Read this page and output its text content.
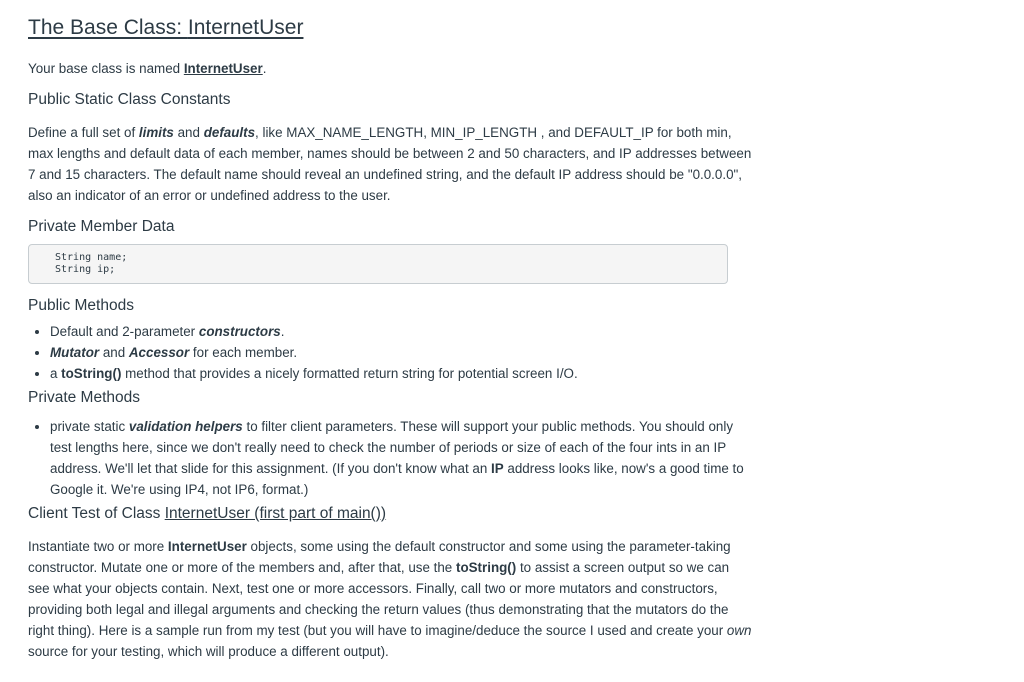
The Base Class: InternetUser

Your base class is named InternetUser.

Public Static Class Constants

Define a full set of limits and defaults, like MAX_NAME_LENGTH, MIN_IP_LENGTH , and DEFAULT_IP for both min, max lengths and default data of each member, names should be between 2 and 50 characters, and IP addresses between 7 and 15 characters. The default name should reveal an undefined string, and the default IP address should be "0.0.0.0", also an indicator of an error or undefined address to the user.

Private Member Data
String name;
String ip;
Public Methods
• Default and 2-parameter constructors.
• Mutator and Accessor for each member.
• a toString() method that provides a nicely formatted return string for potential screen I/O.
Private Methods
• private static validation helpers to filter client parameters. These will support your public methods. You should only test lengths here, since we don't really need to check the number of periods or size of each of the four ints in an IP address. We'll let that slide for this assignment. (If you don't know what an IP address looks like, now's a good time to Google it. We're using IP4, not IP6, format.)
Client Test of Class InternetUser (first part of main())

Instantiate two or more InternetUser objects, some using the default constructor and some using the parameter-taking constructor. Mutate one or more of the members and, after that, use the toString() to assist a screen output so we can see what your objects contain. Next, test one or more accessors. Finally, call two or more mutators and constructors, providing both legal and illegal arguments and checking the return values (thus demonstrating that the mutators do the right thing). Here is a sample run from my test (but you will have to imagine/deduce the source I used and create your own source for your testing, which will produce a different output).
